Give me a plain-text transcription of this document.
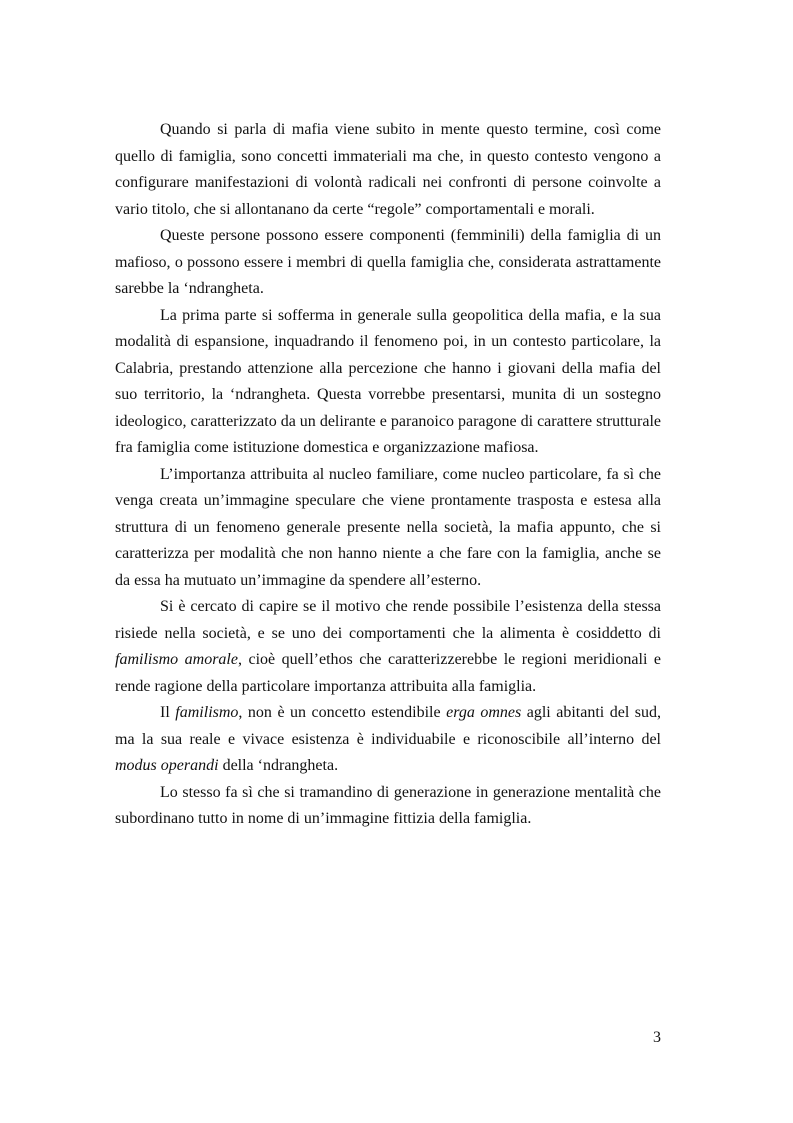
Quando si parla di mafia viene subito in mente questo termine, così come quello di famiglia, sono concetti immateriali ma che, in questo contesto vengono a configurare manifestazioni di volontà radicali nei confronti di persone coinvolte a vario titolo, che si allontanano da certe “regole” comportamentali e morali.

Queste persone possono essere componenti (femminili) della famiglia di un mafioso, o possono essere i membri di quella famiglia che, considerata astrattamente sarebbe la ‘ndrangheta.

La prima parte si sofferma in generale sulla geopolitica della mafia, e la sua modalità di espansione, inquadrando il fenomeno poi, in un contesto particolare, la Calabria, prestando attenzione alla percezione che hanno i giovani della mafia del suo territorio, la ‘ndrangheta. Questa vorrebbe presentarsi, munita di un sostegno ideologico, caratterizzato da un delirante e paranoico paragone di carattere strutturale fra famiglia come istituzione domestica e organizzazione mafiosa.

L’importanza attribuita al nucleo familiare, come nucleo particolare, fa sì che venga creata un’immagine speculare che viene prontamente trasposta e estesa alla struttura di un fenomeno generale presente nella società, la mafia appunto, che si caratterizza per modalità che non hanno niente a che fare con la famiglia, anche se da essa ha mutuato un’immagine da spendere all’esterno.

Si è cercato di capire se il motivo che rende possibile l’esistenza della stessa risiede nella società, e se uno dei comportamenti che la alimenta è cosiddetto di familismo amorale, cioè quell’ethos che caratterizzerebbe le regioni meridionali e rende ragione della particolare importanza attribuita alla famiglia.

Il familismo, non è un concetto estendibile erga omnes agli abitanti del sud, ma la sua reale e vivace esistenza è individuabile e riconoscibile all’interno del modus operandi della ‘ndrangheta.

Lo stesso fa sì che si tramandino di generazione in generazione mentalità che subordinano tutto in nome di un’immagine fittizia della famiglia.

3
